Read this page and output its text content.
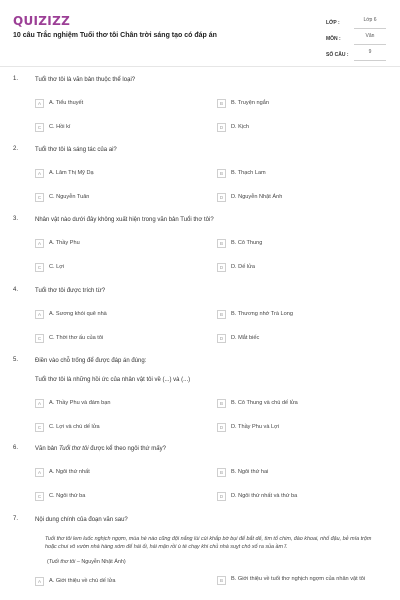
QUIZIZZ
10 câu Trắc nghiệm Tuổi thơ tôi Chân trời sáng tạo có đáp án
LỚP :	Lớp 6
MÔN :	Văn
SỐ CÂU :	9
1.	Tuổi thơ tôi là văn bản thuộc thể loại?
A	A. Tiểu thuyết	B	B. Truyện ngắn
C	C. Hồi kí	D	D. Kịch
2.	Tuổi thơ tôi là sáng tác của ai?
A	A. Lâm Thị Mỹ Dạ	B	B. Thạch Lam
C	C. Nguyễn Tuân	D	D. Nguyễn Nhật Ánh
3.	Nhân vật nào dưới đây không xuất hiện trong văn bản Tuổi thơ tôi?
A	A. Thầy Phu	B	B. Cô Thung
C	C. Lợi	D	D. Dế lửa
4.	Tuổi thơ tôi được trích từ?
A	A. Sương khói quê nhà	B	B. Thương nhớ Trà Long
C	C. Thời thơ ấu của tôi	D	D. Mắt biếc
5.	Điền vào chỗ trống để được đáp án đúng:
Tuổi thơ tôi là những hồi ức của nhân vật tôi về (...) và (...)
A	A. Thầy Phu và đám bạn	B	B. Cô Thung và chú dế lửa
C	C. Lợi và chú dế lửa	D	D. Thầy Phu và Lợi
6.	Văn bản Tuổi thơ tôi được kể theo ngôi thứ mấy?
A	A. Ngôi thứ nhất	B	B. Ngôi thứ hai
C	C. Ngôi thứ ba	D	D. Ngôi thứ nhất và thứ ba
7.	Nội dung chính của đoạn văn sau?
Tuổi thơ tôi lem luốc nghịch ngợm, mùa hè nào cũng đội nắng lùi cùi khắp bờ bụi để bắt dế, tìm tổ chim, đào khoai, nhổ đậu, bẻ mía trộm hoặc chui vô vườn nhà hàng xóm để hái ổi, hái mận rồi ù té chạy khi chủ nhà suỵt chó xổ ra sủa ầm ĩ.
(Tuổi thơ tôi – Nguyễn Nhật Ánh)
A	A. Giới thiệu về chú dế lửa	B	B. Giới thiệu về tuổi thơ nghịch ngợm của nhân vật tôi
